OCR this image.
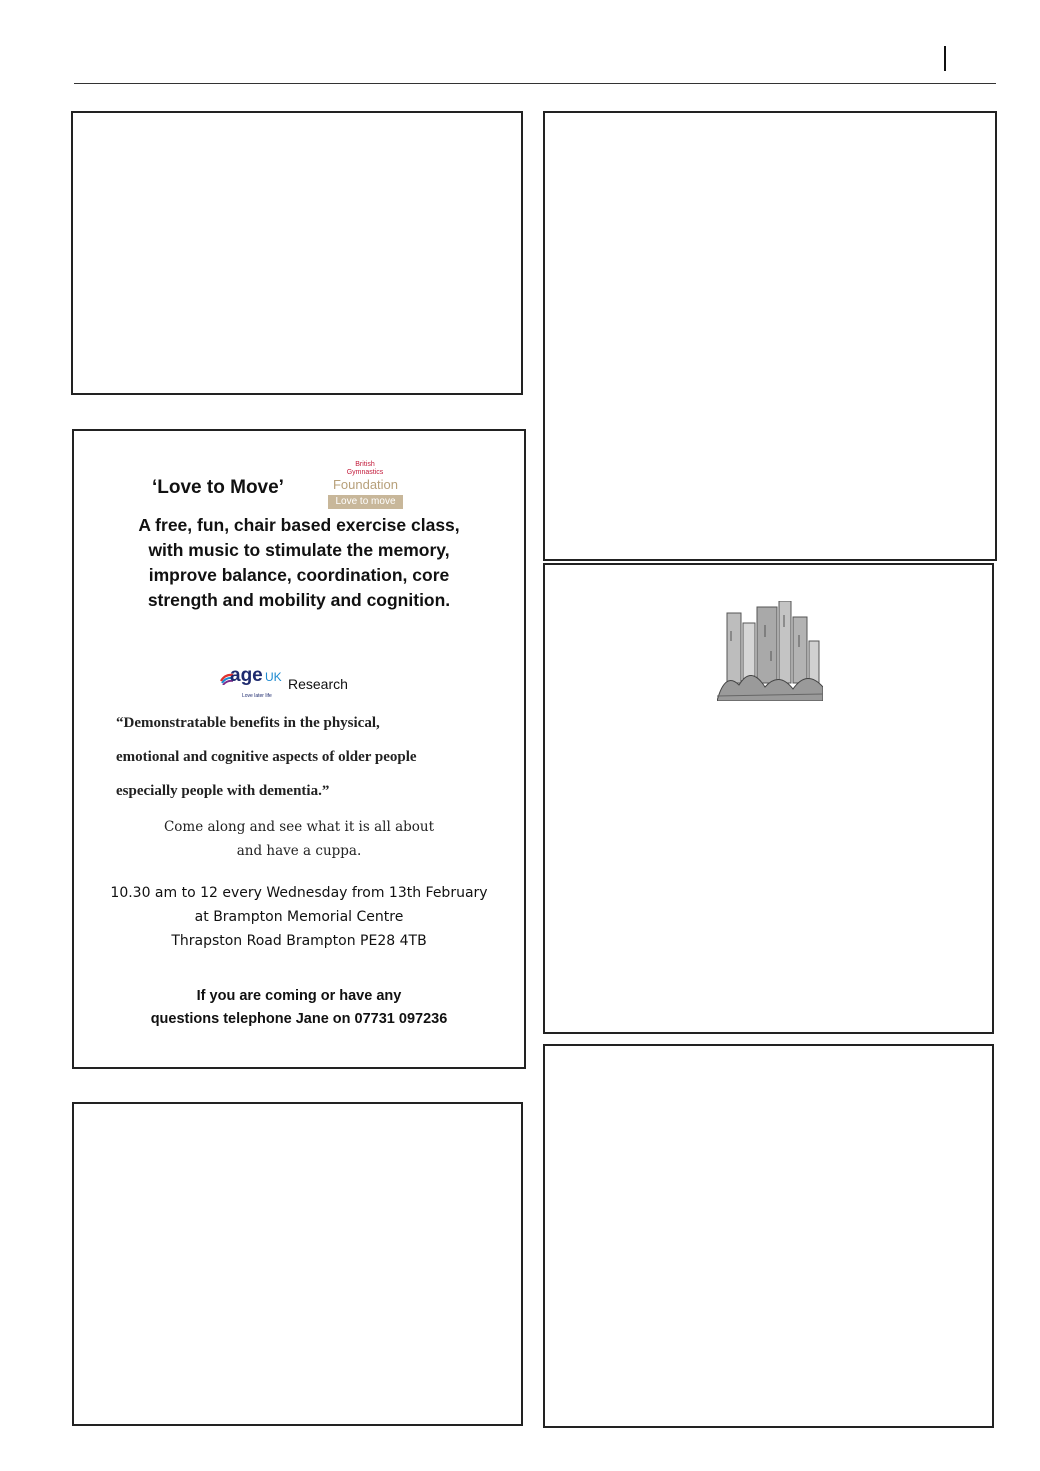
‘Love to Move’
British
Gymnastics
Foundation
Love to move
A free, fun, chair based exercise class,
with music to stimulate the memory,
improve balance, coordination, core
strength and mobility and cognition.
age UK Research
Love later life
“Demonstratable benefits in the physical,
emotional and cognitive aspects of older people
especially people with dementia.”
Come along and see what it is all about
and have a cuppa.
10.30 am to 12 every Wednesday from 13th February
at Brampton Memorial Centre
Thrapston Road Brampton PE28 4TB
If you are coming or have any
questions telephone Jane on 07731 097236
